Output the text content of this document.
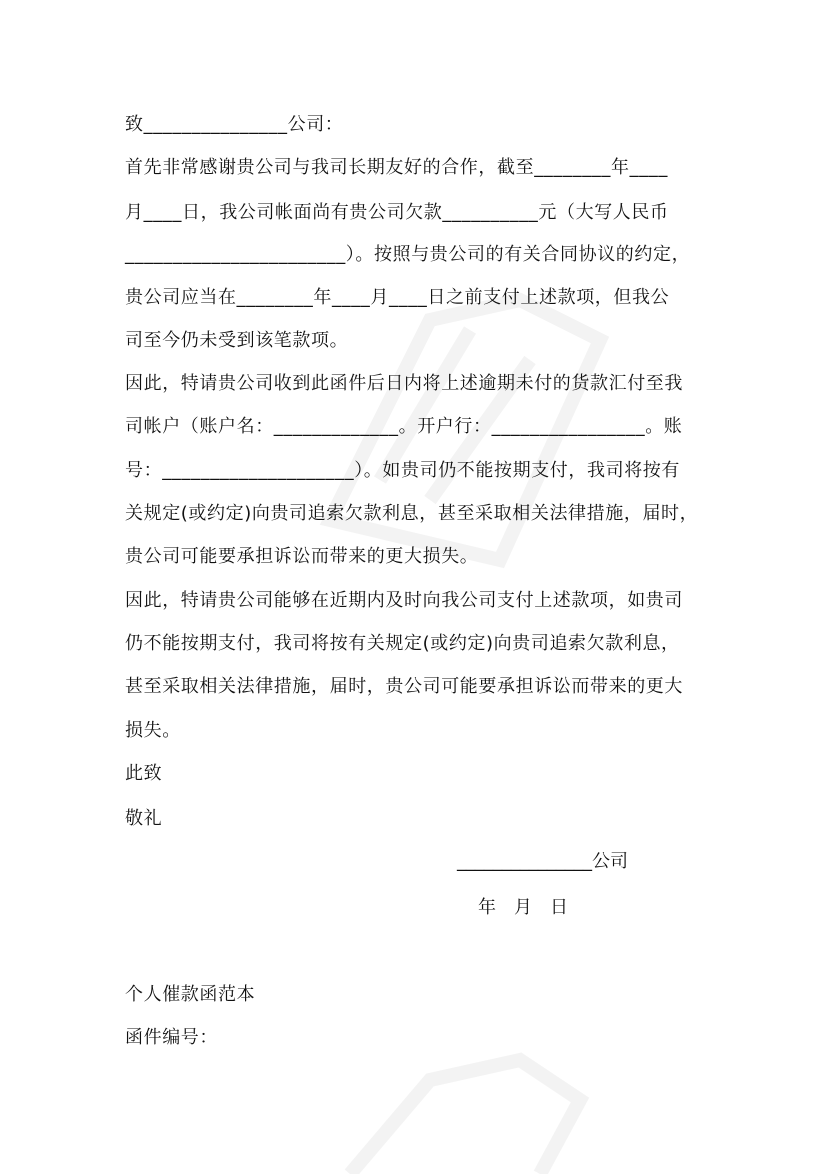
致_______________公司：
首先非常感谢贵公司与我司长期友好的合作，截至________年____
月____日，我公司帐面尚有贵公司欠款__________元（大写人民币
_______________________）。按照与贵公司的有关合同协议的约定，
贵公司应当在________年____月____日之前支付上述款项，但我公
司至今仍未受到该笔款项。
因此，特请贵公司收到此函件后日内将上述逾期未付的货款汇付至我
司帐户（账户名：_____________。开户行：________________。账
号：____________________）。如贵司仍不能按期支付，我司将按有
关规定(或约定)向贵司追索欠款利息，甚至采取相关法律措施，届时，
贵公司可能要承担诉讼而带来的更大损失。
因此，特请贵公司能够在近期内及时向我公司支付上述款项，如贵司
仍不能按期支付，我司将按有关规定(或约定)向贵司追索欠款利息，
甚至采取相关法律措施，届时，贵公司可能要承担诉讼而带来的更大
损失。
此致
敬礼
_______________公司
年　月　日
个人催款函范本
函件编号：
